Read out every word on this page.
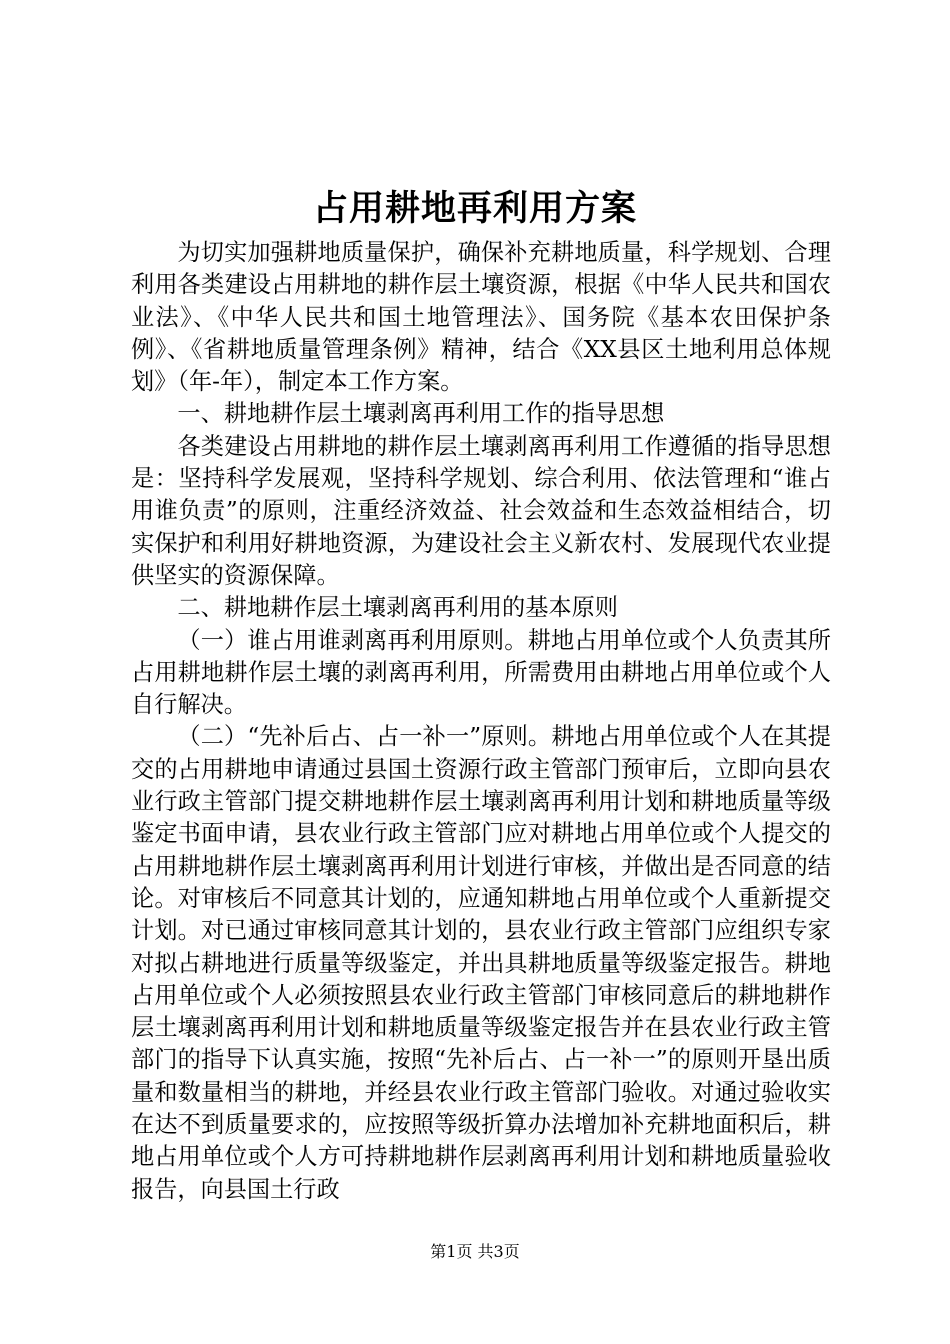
占用耕地再利用方案

为切实加强耕地质量保护，确保补充耕地质量，科学规划、合理利用各类建设占用耕地的耕作层土壤资源，根据《中华人民共和国农业法》、《中华人民共和国土地管理法》、国务院《基本农田保护条例》、《省耕地质量管理条例》精神，结合《XX县区土地利用总体规划》（年-年），制定本工作方案。

一、耕地耕作层土壤剥离再利用工作的指导思想

各类建设占用耕地的耕作层土壤剥离再利用工作遵循的指导思想是：坚持科学发展观，坚持科学规划、综合利用、依法管理和“谁占用谁负责”的原则，注重经济效益、社会效益和生态效益相结合，切实保护和利用好耕地资源，为建设社会主义新农村、发展现代农业提供坚实的资源保障。

二、耕地耕作层土壤剥离再利用的基本原则

（一）谁占用谁剥离再利用原则。耕地占用单位或个人负责其所占用耕地耕作层土壤的剥离再利用，所需费用由耕地占用单位或个人自行解决。

（二）“先补后占、占一补一”原则。耕地占用单位或个人在其提交的占用耕地申请通过县国土资源行政主管部门预审后，立即向县农业行政主管部门提交耕地耕作层土壤剥离再利用计划和耕地质量等级鉴定书面申请，县农业行政主管部门应对耕地占用单位或个人提交的占用耕地耕作层土壤剥离再利用计划进行审核，并做出是否同意的结论。对审核后不同意其计划的，应通知耕地占用单位或个人重新提交计划。对已通过审核同意其计划的，县农业行政主管部门应组织专家对拟占耕地进行质量等级鉴定，并出具耕地质量等级鉴定报告。耕地占用单位或个人必须按照县农业行政主管部门审核同意后的耕地耕作层土壤剥离再利用计划和耕地质量等级鉴定报告并在县农业行政主管部门的指导下认真实施，按照“先补后占、占一补一”的原则开垦出质量和数量相当的耕地，并经县农业行政主管部门验收。对通过验收实在达不到质量要求的，应按照等级折算办法增加补充耕地面积后，耕地占用单位或个人方可持耕地耕作层剥离再利用计划和耕地质量验收报告，向县国土行政

第1页 共3页
